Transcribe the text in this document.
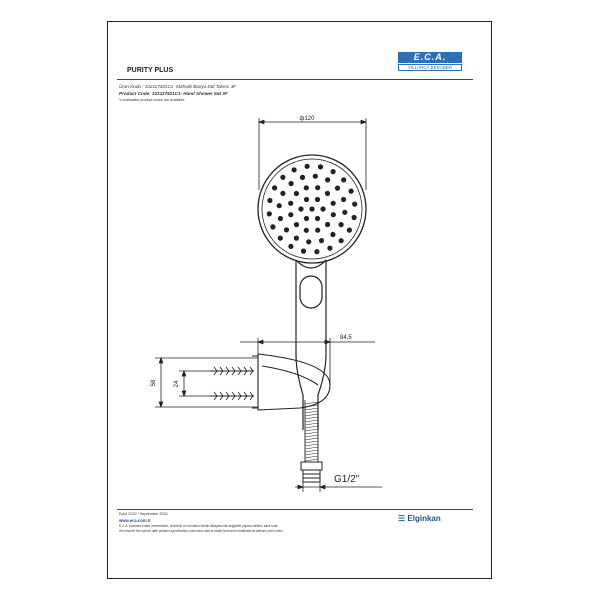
E.C.A.
YILLARCA BERABER
PURITY PLUS
Ürün Kodu : 102117401C1- Mafsallı Banyo Dül Takımı 3F
Product Code: 102117401C1- Hand Shower Set 3F
*Localisation product codes are available.
ф120
58	24
84,5
G1/2"
Eylül 2022 / September 2021
www.eca.com.tr
E.C.A. önceden haber vermeksizin, ürünlerin ve ürünlerin teknik detaylarında değişiklik yapma hakkını saklı tutar.
We reserve the right to alter product specification and colors and to make technical modifications without prior notice.
☰ Elginkan
